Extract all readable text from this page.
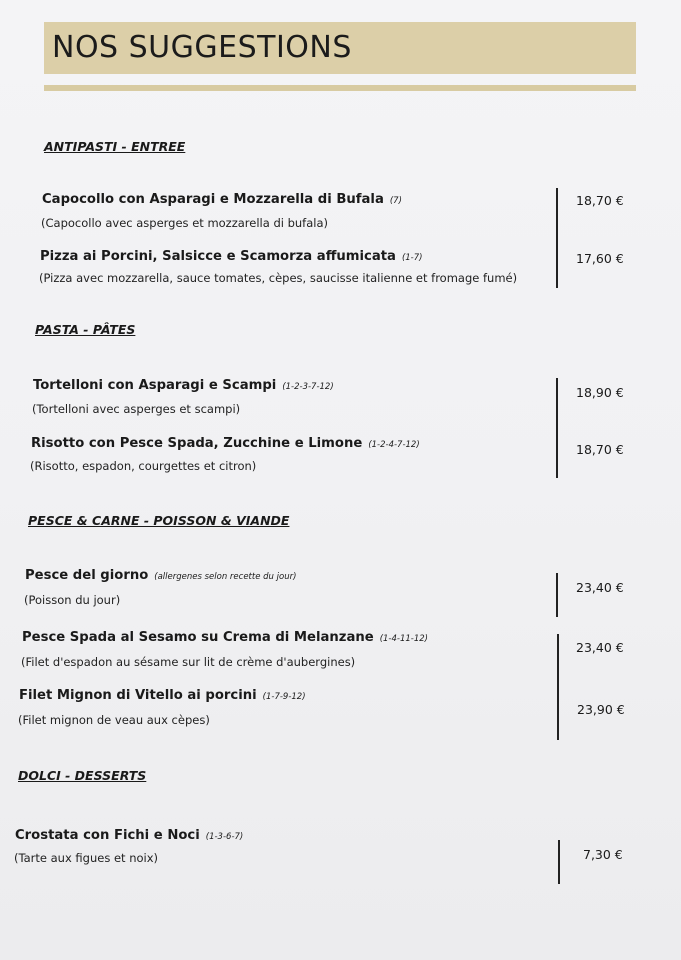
NOS SUGGESTIONS
ANTIPASTI - ENTREE
Capocollo con Asparagi e Mozzarella di Bufala (7)
(Capocollo avec asperges et mozzarella di bufala)
18,70 €
Pizza ai Porcini, Salsicce e Scamorza affumicata (1-7)
(Pizza avec mozzarella, sauce tomates, cèpes, saucisse italienne et fromage fumé)
17,60 €
PASTA - PÂTES
Tortelloni con Asparagi e Scampi (1-2-3-7-12)
(Tortelloni avec asperges et scampi)
18,90 €
Risotto con Pesce Spada, Zucchine e Limone (1-2-4-7-12)
(Risotto, espadon, courgettes et citron)
18,70 €
PESCE & CARNE - POISSON & VIANDE
Pesce del giorno (allergenes selon recette du jour)
(Poisson du jour)
23,40 €
Pesce Spada al Sesamo su Crema di Melanzane (1-4-11-12)
(Filet d'espadon au sésame sur lit de crème d'aubergines)
23,40 €
Filet Mignon di Vitello ai porcini (1-7-9-12)
(Filet mignon de veau aux cèpes)
23,90 €
DOLCI - DESSERTS
Crostata con Fichi e Noci (1-3-6-7)
(Tarte aux figues et noix)	7,30 €
